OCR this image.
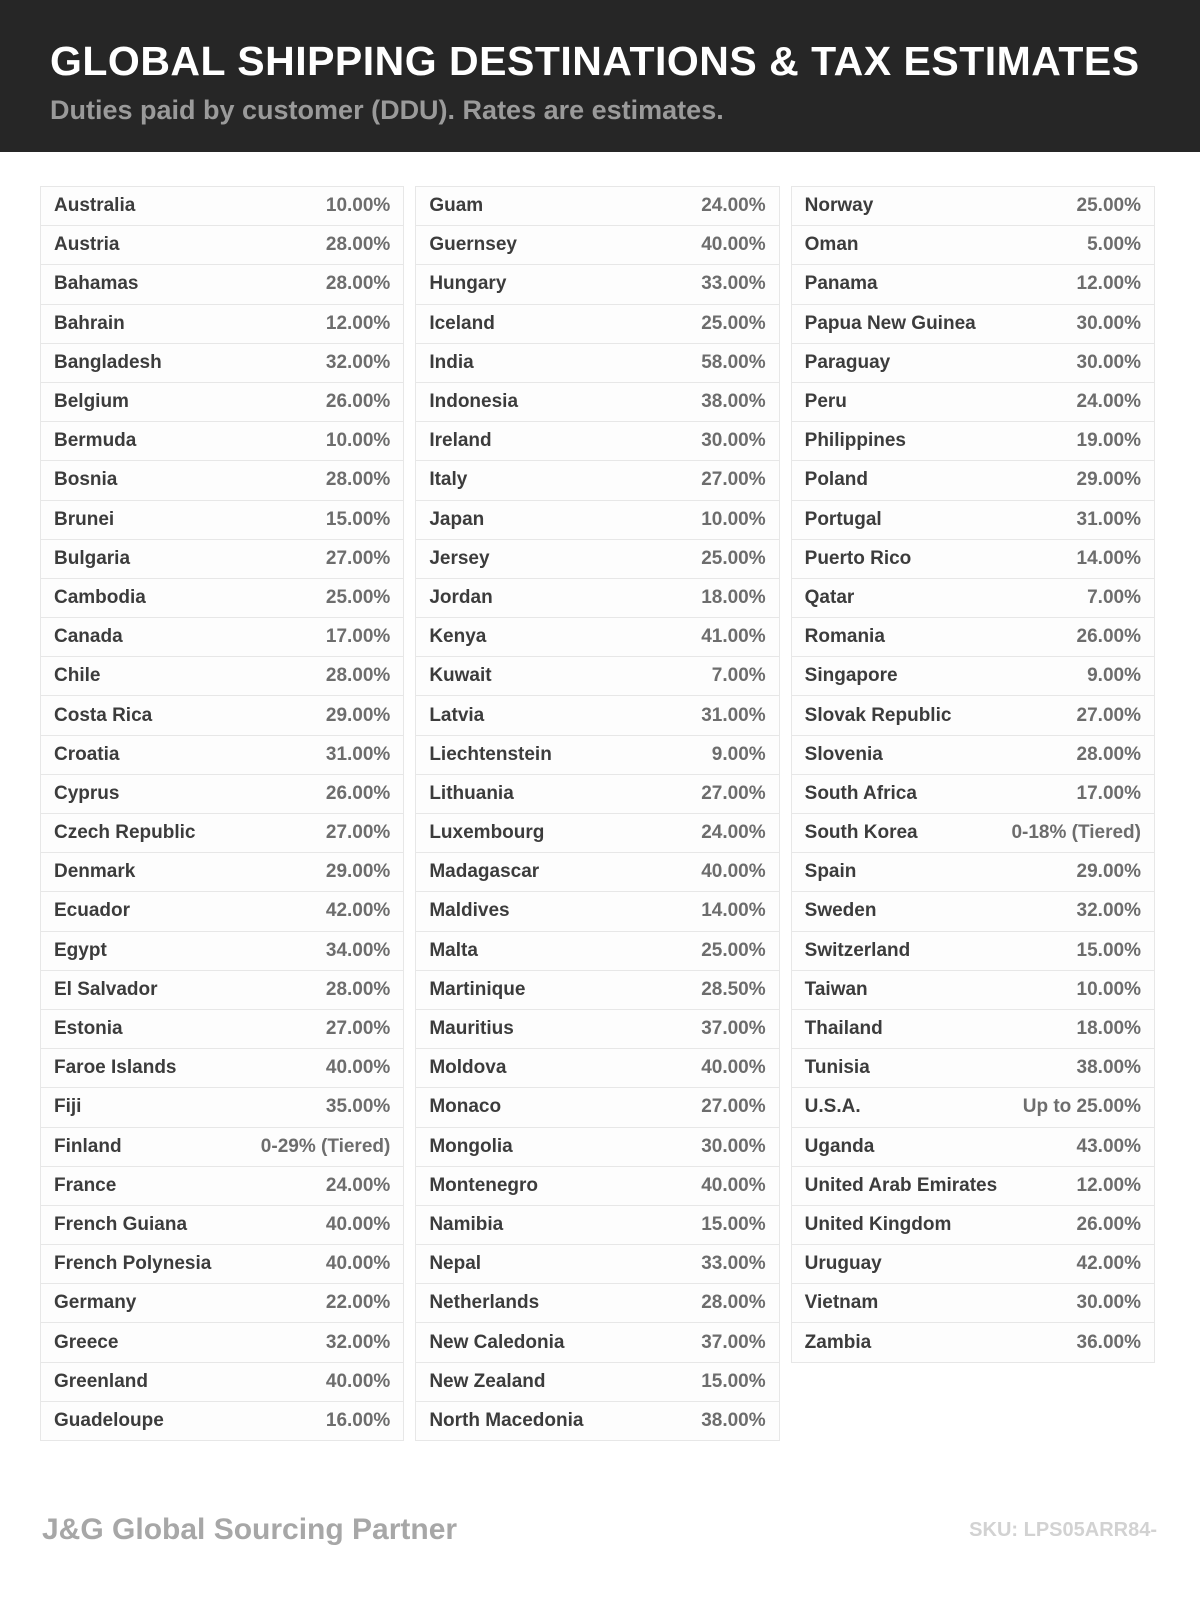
GLOBAL SHIPPING DESTINATIONS & TAX ESTIMATES

Duties paid by customer (DDU). Rates are estimates.

Australia	10.00%
Austria	28.00%
Bahamas	28.00%
Bahrain	12.00%
Bangladesh	32.00%
Belgium	26.00%
Bermuda	10.00%
Bosnia	28.00%
Brunei	15.00%
Bulgaria	27.00%
Cambodia	25.00%
Canada	17.00%
Chile	28.00%
Costa Rica	29.00%
Croatia	31.00%
Cyprus	26.00%
Czech Republic	27.00%
Denmark	29.00%
Ecuador	42.00%
Egypt	34.00%
El Salvador	28.00%
Estonia	27.00%
Faroe Islands	40.00%
Fiji	35.00%
Finland	0-29% (Tiered)
France	24.00%
French Guiana	40.00%
French Polynesia	40.00%
Germany	22.00%
Greece	32.00%
Greenland	40.00%
Guadeloupe	16.00%
Guam	24.00%
Guernsey	40.00%
Hungary	33.00%
Iceland	25.00%
India	58.00%
Indonesia	38.00%
Ireland	30.00%
Italy	27.00%
Japan	10.00%
Jersey	25.00%
Jordan	18.00%
Kenya	41.00%
Kuwait	7.00%
Latvia	31.00%
Liechtenstein	9.00%
Lithuania	27.00%
Luxembourg	24.00%
Madagascar	40.00%
Maldives	14.00%
Malta	25.00%
Martinique	28.50%
Mauritius	37.00%
Moldova	40.00%
Monaco	27.00%
Mongolia	30.00%
Montenegro	40.00%
Namibia	15.00%
Nepal	33.00%
Netherlands	28.00%
New Caledonia	37.00%
New Zealand	15.00%
North Macedonia	38.00%
Norway	25.00%
Oman	5.00%
Panama	12.00%
Papua New Guinea	30.00%
Paraguay	30.00%
Peru	24.00%
Philippines	19.00%
Poland	29.00%
Portugal	31.00%
Puerto Rico	14.00%
Qatar	7.00%
Romania	26.00%
Singapore	9.00%
Slovak Republic	27.00%
Slovenia	28.00%
South Africa	17.00%
South Korea	0-18% (Tiered)
Spain	29.00%
Sweden	32.00%
Switzerland	15.00%
Taiwan	10.00%
Thailand	18.00%
Tunisia	38.00%
U.S.A.	Up to 25.00%
Uganda	43.00%
United Arab Emirates	12.00%
United Kingdom	26.00%
Uruguay	42.00%
Vietnam	30.00%
Zambia	36.00%
J&G Global Sourcing Partner	SKU: LPS05ARR84-
